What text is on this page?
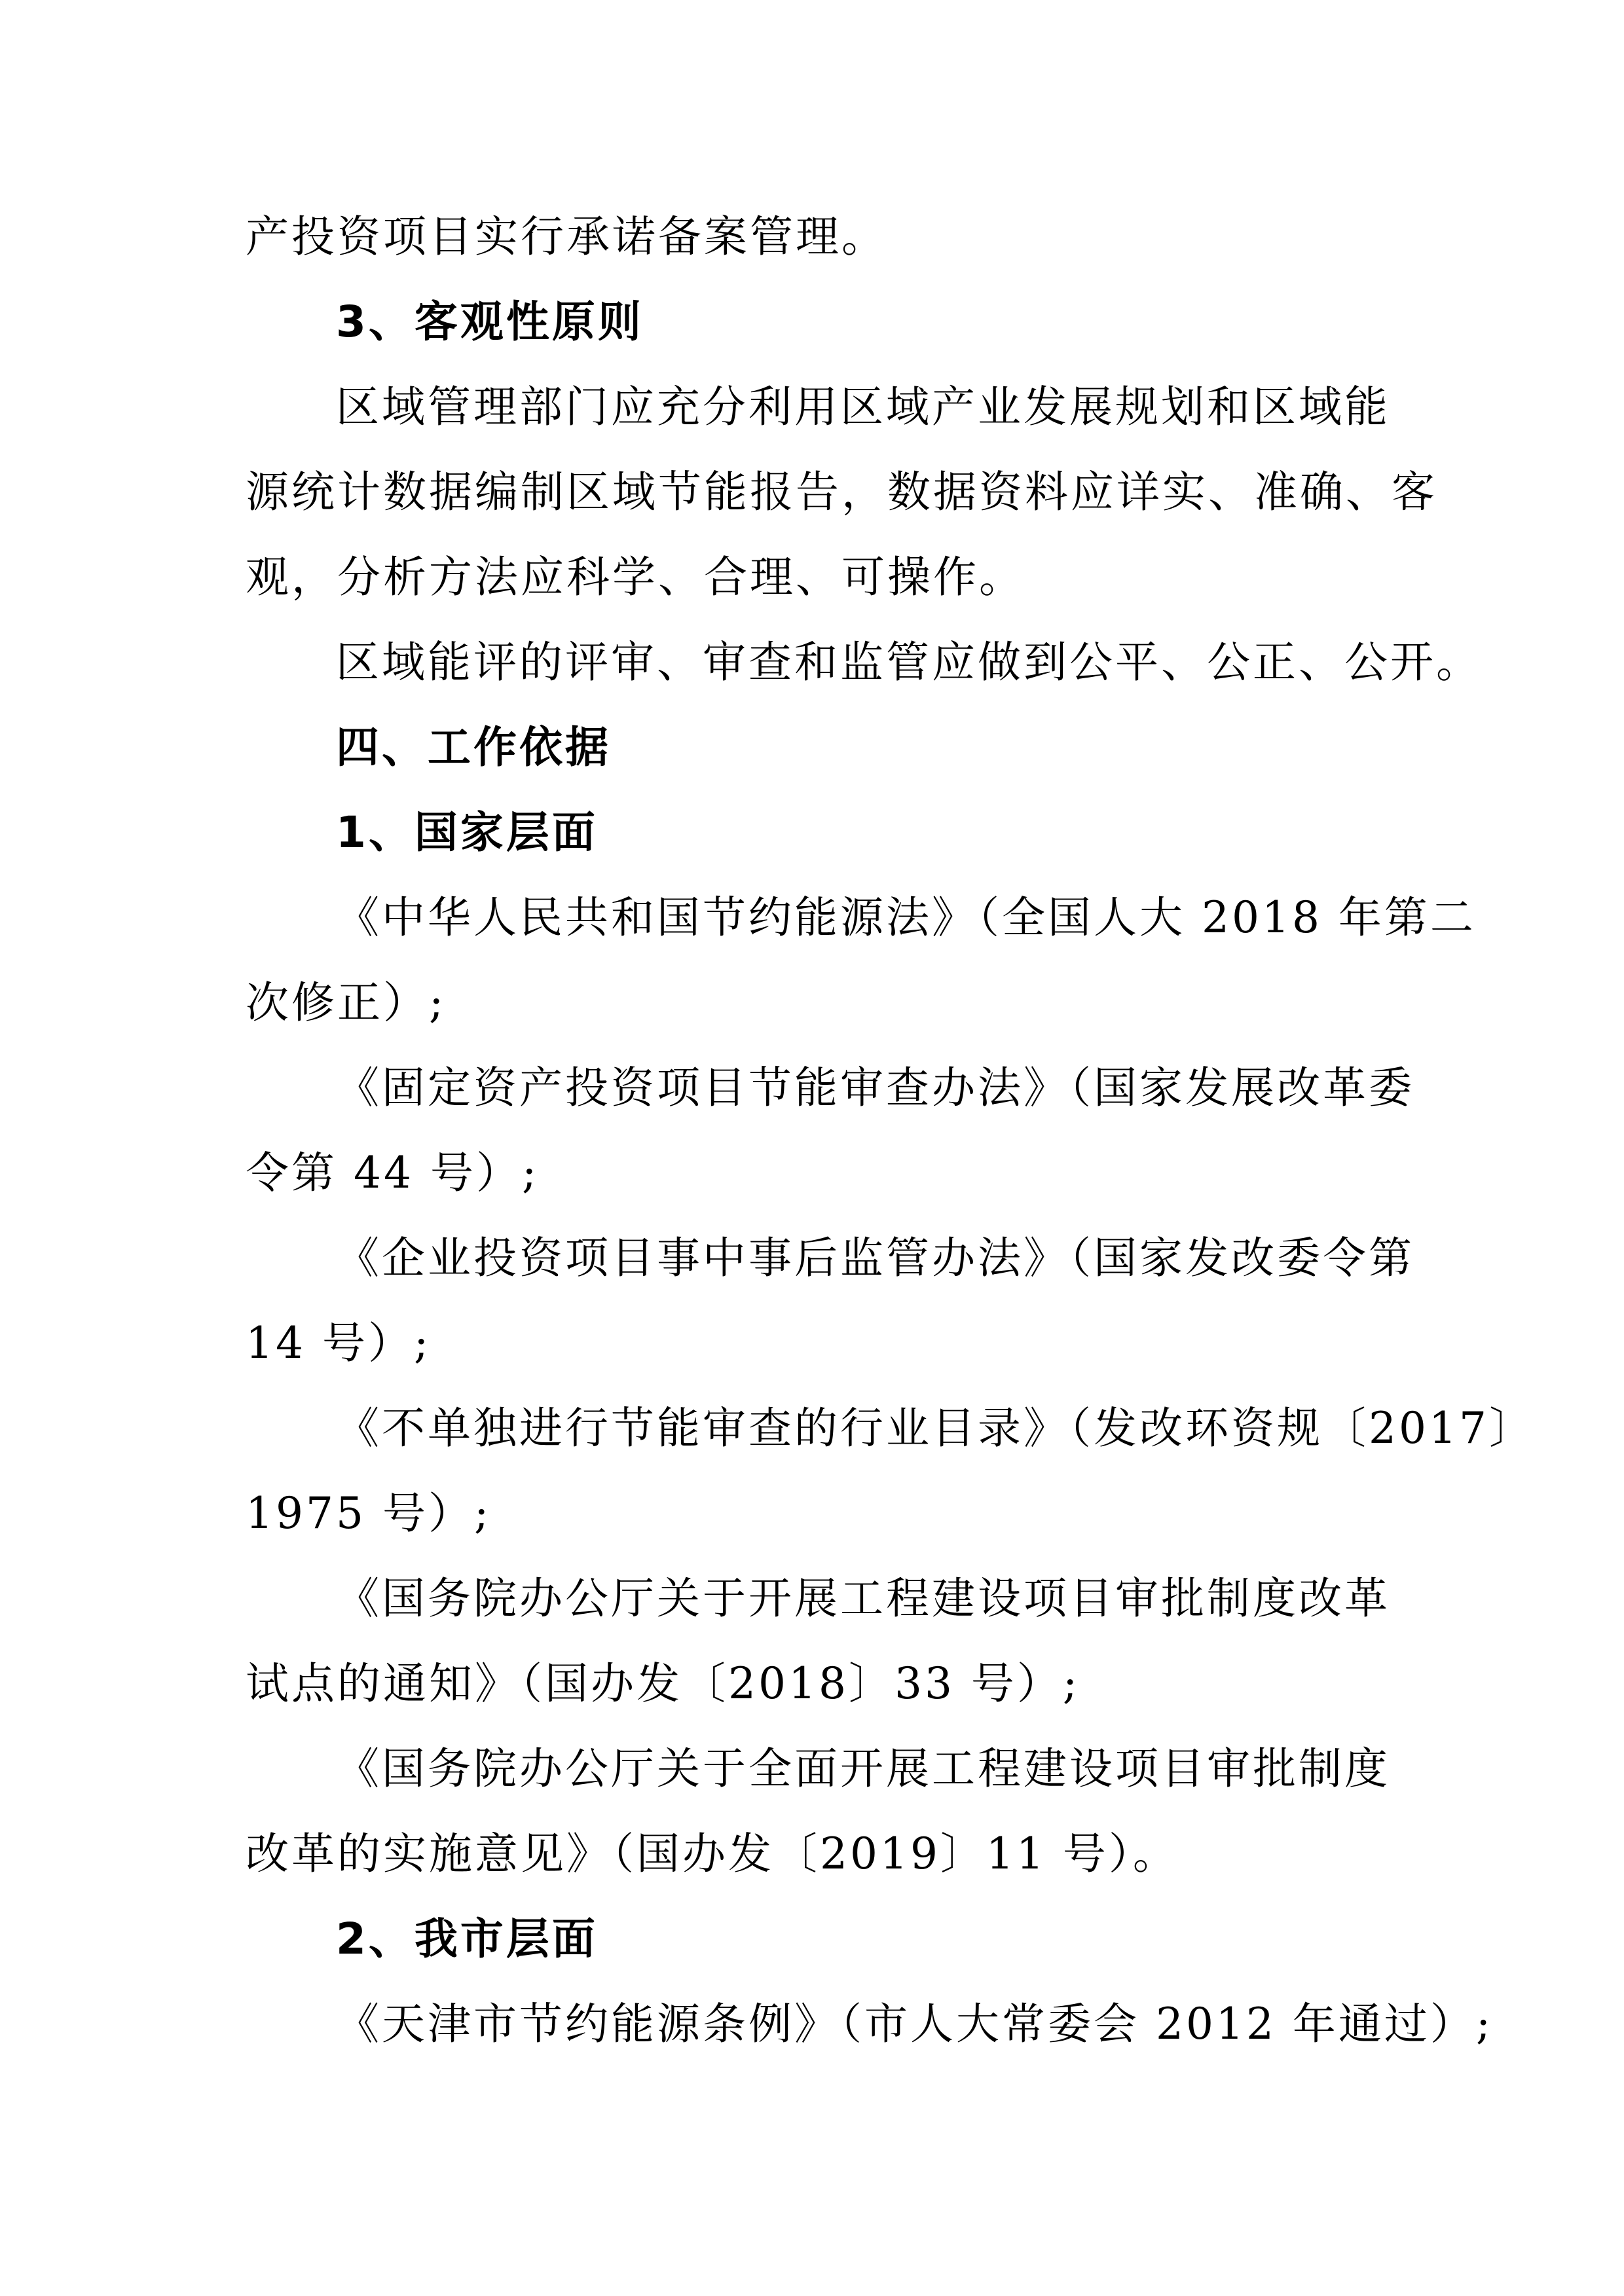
产投资项目实行承诺备案管理。
3、客观性原则
区域管理部门应充分利用区域产业发展规划和区域能
源统计数据编制区域节能报告，数据资料应详实、准确、客
观，分析方法应科学、合理、可操作。
区域能评的评审、审查和监管应做到公平、公正、公开。
四、工作依据
1、国家层面
《中华人民共和国节约能源法》（全国人大 2018 年第二
次修正）;
《固定资产投资项目节能审查办法》（国家发展改革委
令第 44 号）;
《企业投资项目事中事后监管办法》（国家发改委令第
14 号）;
《不单独进行节能审查的行业目录》（发改环资规〔2017〕
1975 号）;
《国务院办公厅关于开展工程建设项目审批制度改革
试点的通知》（国办发〔2018〕33 号）;
《国务院办公厅关于全面开展工程建设项目审批制度
改革的实施意见》（国办发〔2019〕11 号）。
2、我市层面
《天津市节约能源条例》（市人大常委会 2012 年通过）;
